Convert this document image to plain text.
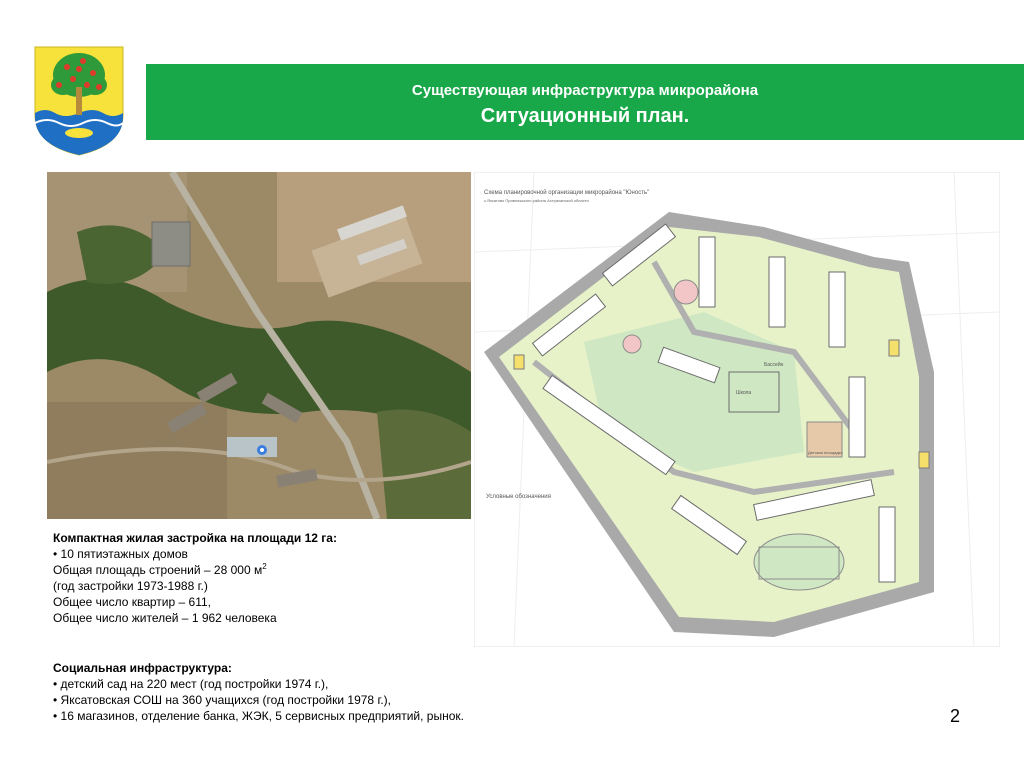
Существующая инфраструктура микрорайона
Ситуационный план.
Схема планировочной организации микрорайона "Юность"
с.Яксатово Приволжского района Астраханской области
Условные обозначения
Бассейн
Детская площадка
Школа
Компактная жилая застройка на площади 12 га:
• 10 пятиэтажных домов
Общая площадь строений – 28 000 $м^2$
(год застройки 1973-1988 г.)
Общее число квартир – 611,
Общее число жителей – 1 962 человека
Социальная инфраструктура:
• детский сад на 220 мест (год постройки 1974 г.),
• Яксатовская СОШ на 360 учащихся (год постройки 1978 г.),
• 16 магазинов, отделение банка, ЖЭК, 5 сервисных предприятий, рынок.	2
